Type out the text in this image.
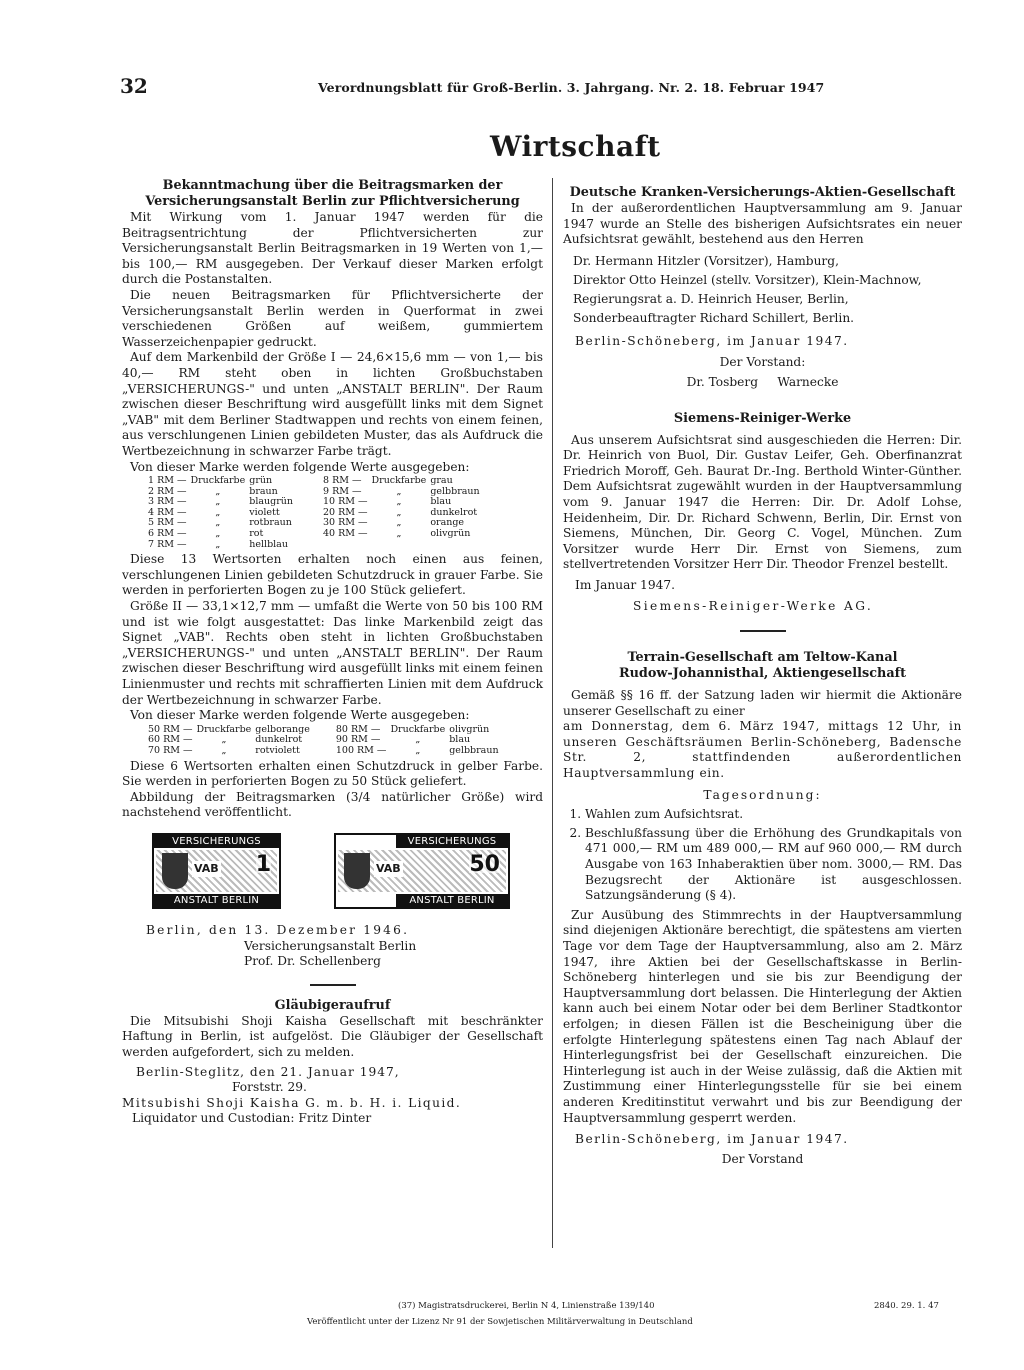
32	Verordnungsblatt für Groß-Berlin. 3. Jahrgang. Nr. 2. 18. Februar 1947
Wirtschaft

Bekanntmachung über die Beitragsmarken der Versicherungsanstalt Berlin zur Pflichtversicherung

Mit Wirkung vom 1. Januar 1947 werden für die Beitragsentrichtung der Pflichtversicherten zur Versicherungsanstalt Berlin Beitragsmarken in 19 Werten von 1,— bis 100,— RM ausgegeben. Der Verkauf dieser Marken erfolgt durch die Postanstalten.

Die neuen Beitragsmarken für Pflichtversicherte der Versicherungsanstalt Berlin werden in Querformat in zwei verschiedenen Größen auf weißem, gummiertem Wasserzeichenpapier gedruckt.

Auf dem Markenbild der Größe I — 24,6×15,6 mm — von 1,— bis 40,— RM steht oben in lichten Großbuchstaben „VERSICHERUNGS-" und unten „ANSTALT BERLIN". Der Raum zwischen dieser Beschriftung wird ausgefüllt links mit dem Signet „VAB" mit dem Berliner Stadtwappen und rechts von einem feinen, aus verschlungenen Linien gebildeten Muster, das als Aufdruck die Wertbezeichnung in schwarzer Farbe trägt.

Von dieser Marke werden folgende Werte ausgegeben:

1 RM —	Druckfarbe	grün	8 RM —	Druckfarbe	grau
2 RM —	„	braun	9 RM —	„	gelbbraun
3 RM —	„	blaugrün	10 RM —	„	blau
4 RM —	„	violett	20 RM —	„	dunkelrot
5 RM —	„	rotbraun	30 RM —	„	orange
6 RM —	„	rot	40 RM —	„	olivgrün
7 RM —	„	hellblau			

Diese 13 Wertsorten erhalten noch einen aus feinen, verschlungenen Linien gebildeten Schutzdruck in grauer Farbe. Sie werden in perforierten Bogen zu je 100 Stück geliefert.

Größe II — 33,1×12,7 mm — umfaßt die Werte von 50 bis 100 RM und ist wie folgt ausgestattet: Das linke Markenbild zeigt das Signet „VAB". Rechts oben steht in lichten Großbuchstaben „VERSICHERUNGS-" und unten „ANSTALT BERLIN". Der Raum zwischen dieser Beschriftung wird ausgefüllt links mit einem feinen Linienmuster und rechts mit schraffierten Linien mit dem Aufdruck der Wertbezeichnung in schwarzer Farbe.

Von dieser Marke werden folgende Werte ausgegeben:

50 RM —	Druckfarbe	gelborange	80 RM —	Druckfarbe	olivgrün
60 RM —	„	dunkelrot	90 RM —	„	blau
70 RM —	„	rotviolett	100 RM —	„	gelbbraun

Diese 6 Wertsorten erhalten einen Schutzdruck in gelber Farbe. Sie werden in perforierten Bogen zu 50 Stück geliefert.

Abbildung der Beitragsmarken (3/4 natürlicher Größe) wird nachstehend veröffentlicht.

VERSICHERUNGS
VAB 1
ANSTALT BERLIN
VERSICHERUNGS
VAB	50
ANSTALT BERLIN

Berlin, den 13. Dezember 1946.

Versicherungsanstalt Berlin

Prof. Dr. Schellenberg

Gläubigeraufruf

Die Mitsubishi Shoji Kaisha Gesellschaft mit beschränkter Haftung in Berlin, ist aufgelöst. Die Gläubiger der Gesellschaft werden aufgefordert, sich zu melden.

Berlin-Steglitz, den 21. Januar 1947,

Forststr. 29.

Mitsubishi Shoji Kaisha G. m. b. H. i. Liquid.

Liquidator und Custodian: Fritz Dinter

Deutsche Kranken-Versicherungs-Aktien-Gesellschaft

In der außerordentlichen Hauptversammlung am 9. Januar 1947 wurde an Stelle des bisherigen Aufsichtsrates ein neuer Aufsichtsrat gewählt, bestehend aus den Herren

Dr. Hermann Hitzler (Vorsitzer), Hamburg,

Direktor Otto Heinzel (stellv. Vorsitzer), Klein-Machnow,

Regierungsrat a. D. Heinrich Heuser, Berlin,

Sonderbeauftragter Richard Schillert, Berlin.

Berlin-Schöneberg, im Januar 1947.

Der Vorstand:

Dr. Tosberg     Warnecke

Siemens-Reiniger-Werke

Aus unserem Aufsichtsrat sind ausgeschieden die Herren: Dir. Dr. Heinrich von Buol, Dir. Gustav Leifer, Geh. Oberfinanzrat Friedrich Moroff, Geh. Baurat Dr.-Ing. Berthold Winter-Günther. Dem Aufsichtsrat zugewählt wurden in der Hauptversammlung vom 9. Januar 1947 die Herren: Dir. Dr. Adolf Lohse, Heidenheim, Dir. Dr. Richard Schwenn, Berlin, Dir. Ernst von Siemens, München, Dir. Georg C. Vogel, München. Zum Vorsitzer wurde Herr Dir. Ernst von Siemens, zum stellvertretenden Vorsitzer Herr Dir. Theodor Frenzel bestellt.

Im Januar 1947.

Siemens-Reiniger-Werke AG.

Terrain-Gesellschaft am Teltow-Kanal

Rudow-Johannisthal, Aktiengesellschaft

Gemäß §§ 16 ff. der Satzung laden wir hiermit die Aktionäre unserer Gesellschaft zu einer

am Donnerstag, dem 6. März 1947, mittags 12 Uhr, in unseren Geschäftsräumen Berlin-Schöneberg, Badensche Str. 2, stattfindenden außerordentlichen Hauptversammlung ein.

Tagesordnung:

1. Wahlen zum Aufsichtsrat.
2. Beschlußfassung über die Erhöhung des Grundkapitals von 471 000,— RM um 489 000,— RM auf 960 000,— RM durch Ausgabe von 163 Inhaberaktien über nom. 3000,— RM. Das Bezugsrecht der Aktionäre ist ausgeschlossen. Satzungsänderung (§ 4).

Zur Ausübung des Stimmrechts in der Hauptversammlung sind diejenigen Aktionäre berechtigt, die spätestens am vierten Tage vor dem Tage der Hauptversammlung, also am 2. März 1947, ihre Aktien bei der Gesellschaftskasse in Berlin-Schöneberg hinterlegen und sie bis zur Beendigung der Hauptversammlung dort belassen. Die Hinterlegung der Aktien kann auch bei einem Notar oder bei dem Berliner Stadtkontor erfolgen; in diesen Fällen ist die Bescheinigung über die erfolgte Hinterlegung spätestens einen Tag nach Ablauf der Hinterlegungsfrist bei der Gesellschaft einzureichen. Die Hinterlegung ist auch in der Weise zulässig, daß die Aktien mit Zustimmung einer Hinterlegungsstelle für sie bei einem anderen Kreditinstitut verwahrt und bis zur Beendigung der Hauptversammlung gesperrt werden.

Berlin-Schöneberg, im Januar 1947.

Der Vorstand

(37) Magistratsdruckerei, Berlin N 4, Linienstraße 139/140	2840. 29. 1. 47
Veröffentlicht unter der Lizenz Nr 91 der Sowjetischen Militärverwaltung in Deutschland
